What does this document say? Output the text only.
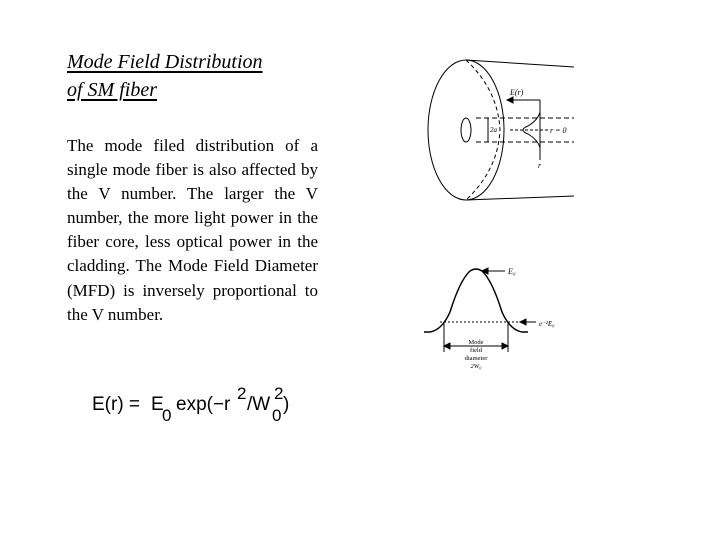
Mode Field Distribution
of SM fiber
The mode filed distribution of a single mode fiber is also affected by the V number. The larger the V number, the more light power in the fiber core, less optical power in the cladding. The Mode Field Diameter (MFD) is inversely proportional to the V number.
E(r) = E
0
exp(−r
2
/W
2
0
)
E(r)
2a	r = 0
r
E₀
e⁻²E₀
Mode
field
diameter
2W₀
